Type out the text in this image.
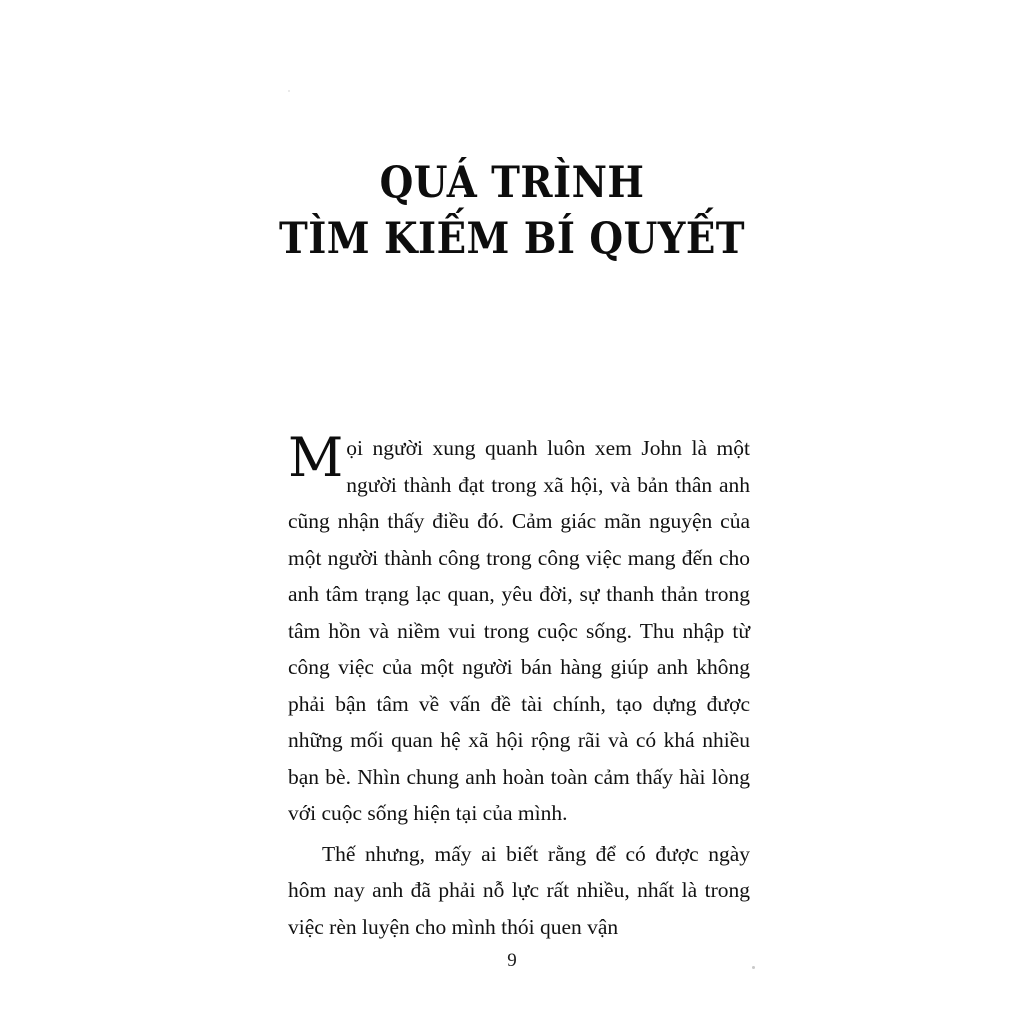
QUÁ TRÌNH
TÌM KIẾM BÍ QUYẾT

Mọi người xung quanh luôn xem John là một người thành đạt trong xã hội, và bản thân anh cũng nhận thấy điều đó. Cảm giác mãn nguyện của một người thành công trong công việc mang đến cho anh tâm trạng lạc quan, yêu đời, sự thanh thản trong tâm hồn và niềm vui trong cuộc sống. Thu nhập từ công việc của một người bán hàng giúp anh không phải bận tâm về vấn đề tài chính, tạo dựng được những mối quan hệ xã hội rộng rãi và có khá nhiều bạn bè. Nhìn chung anh hoàn toàn cảm thấy hài lòng với cuộc sống hiện tại của mình.

Thế nhưng, mấy ai biết rằng để có được ngày hôm nay anh đã phải nỗ lực rất nhiều, nhất là trong việc rèn luyện cho mình thói quen vận

9
